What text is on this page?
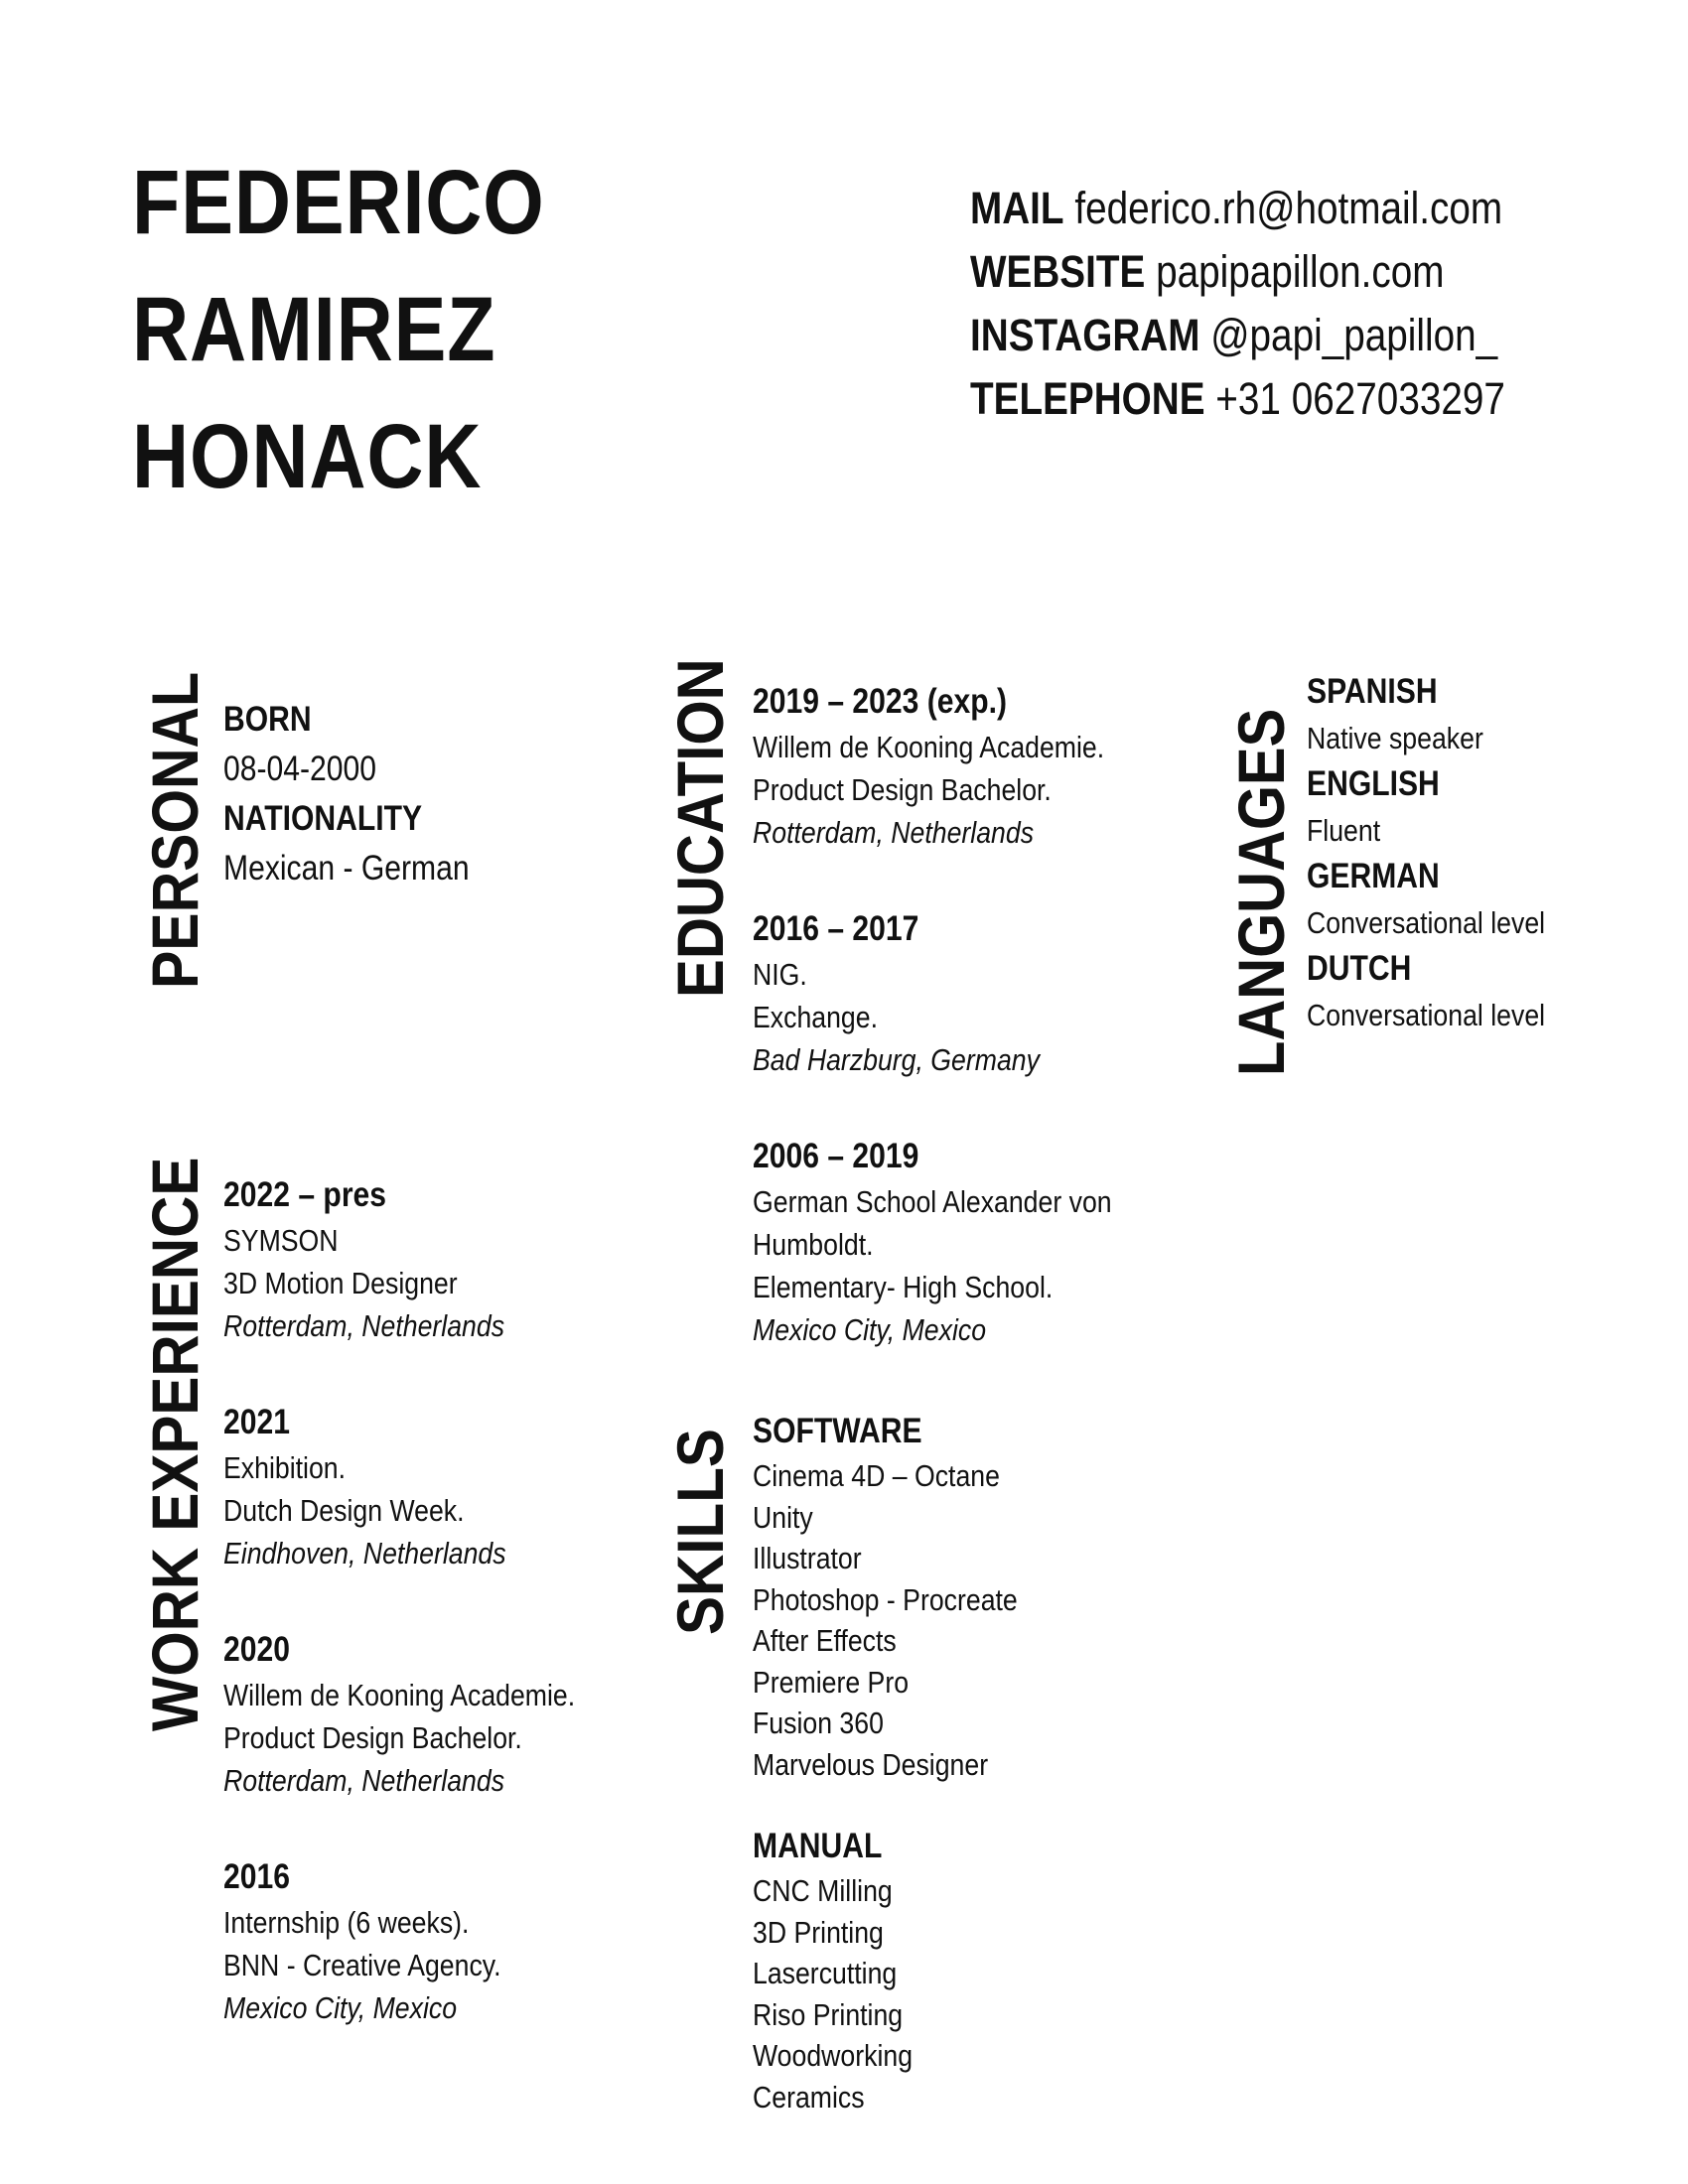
FEDERICO
RAMIREZ
HONACK
MAIL federico.rh@hotmail.com
WEBSITE papipapillon.com
INSTAGRAM @papi_papillon_
TELEPHONE +31 0627033297
PERSONAL
WORK EXPERIENCE
EDUCATION
SKILLS
LANGUAGES
BORN
08-04-2000
NATIONALITY
Mexican - German
2022 – pres
SYMSON
3D Motion Designer
Rotterdam, Netherlands
2021
Exhibition.
Dutch Design Week.
Eindhoven, Netherlands
2020
Willem de Kooning Academie.
Product Design Bachelor.
Rotterdam, Netherlands
2016
Internship (6 weeks).
BNN - Creative Agency.
Mexico City, Mexico
2019 – 2023 (exp.)
Willem de Kooning Academie.
Product Design Bachelor.
Rotterdam, Netherlands
2016 – 2017
NIG.
Exchange.
Bad Harzburg, Germany
2006 – 2019
German School Alexander von
Humboldt.
Elementary- High School.
Mexico City, Mexico
SOFTWARE
Cinema 4D – Octane
Unity
Illustrator
Photoshop - Procreate
After Effects
Premiere Pro
Fusion 360
Marvelous Designer
MANUAL
CNC Milling
3D Printing
Lasercutting
Riso Printing
Woodworking
Ceramics
SPANISH
Native speaker
ENGLISH
Fluent
GERMAN
Conversational level
DUTCH
Conversational level
